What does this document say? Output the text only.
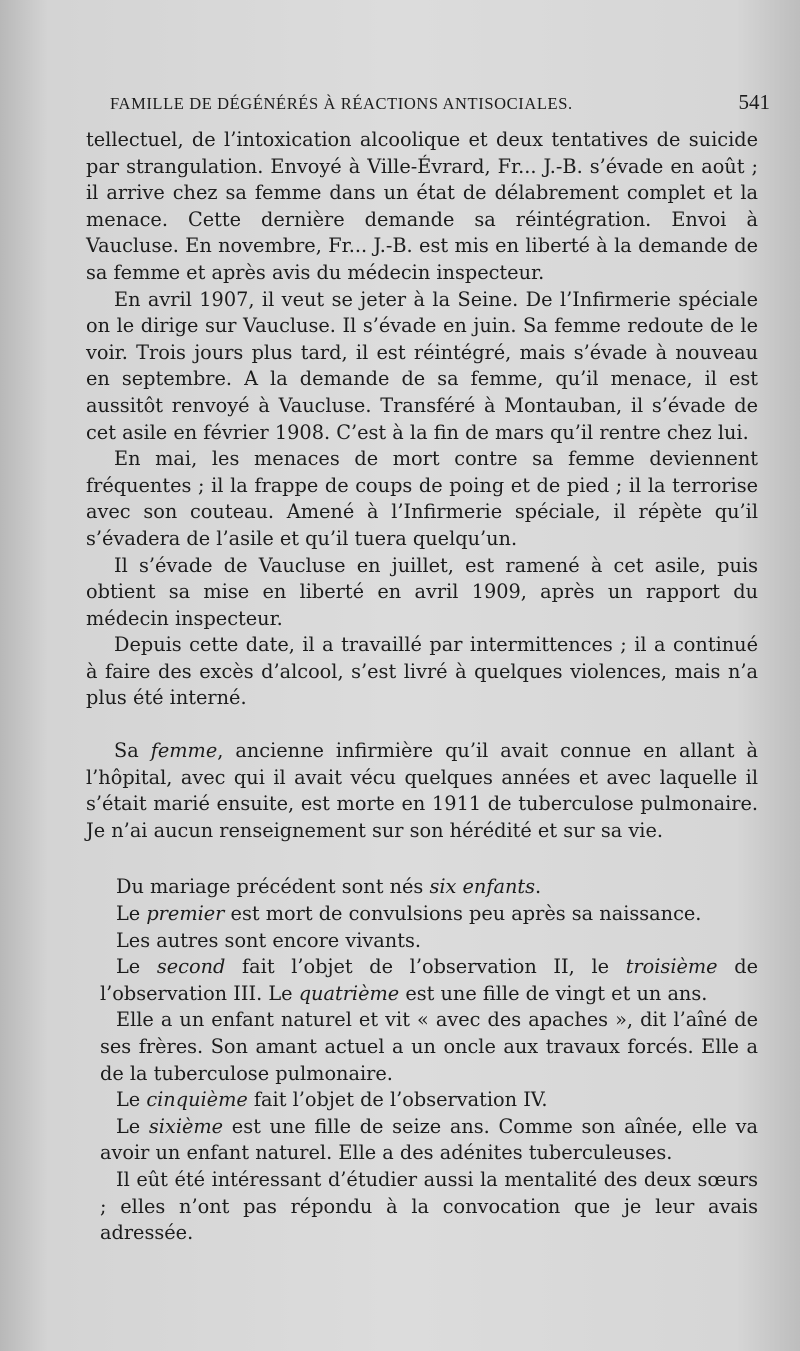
FAMILLE DE DÉGÉNÉRÉS À RÉACTIONS ANTISOCIALES.	541

tellectuel, de l’intoxication alcoolique et deux tentatives de suicide par strangulation. Envoyé à Ville-Évrard, Fr... J.-B. s’évade en août ; il arrive chez sa femme dans un état de délabrement complet et la menace. Cette dernière demande sa réintégration. Envoi à Vaucluse. En novembre, Fr... J.-B. est mis en liberté à la demande de sa femme et après avis du médecin inspecteur.

En avril 1907, il veut se jeter à la Seine. De l’Infirmerie spéciale on le dirige sur Vaucluse. Il s’évade en juin. Sa femme redoute de le voir. Trois jours plus tard, il est réintégré, mais s’évade à nouveau en septembre. A la demande de sa femme, qu’il menace, il est aussitôt renvoyé à Vaucluse. Transféré à Montauban, il s’évade de cet asile en février 1908. C’est à la fin de mars qu’il rentre chez lui.

En mai, les menaces de mort contre sa femme deviennent fréquentes ; il la frappe de coups de poing et de pied ; il la terrorise avec son couteau. Amené à l’Infirmerie spéciale, il répète qu’il s’évadera de l’asile et qu’il tuera quelqu’un.

Il s’évade de Vaucluse en juillet, est ramené à cet asile, puis obtient sa mise en liberté en avril 1909, après un rapport du médecin inspecteur.

Depuis cette date, il a travaillé par intermittences ; il a continué à faire des excès d’alcool, s’est livré à quelques violences, mais n’a plus été interné.

Sa femme, ancienne infirmière qu’il avait connue en allant à l’hôpital, avec qui il avait vécu quelques années et avec laquelle il s’était marié ensuite, est morte en 1911 de tuberculose pulmonaire. Je n’ai aucun renseignement sur son hérédité et sur sa vie.

Du mariage précédent sont nés six enfants.

Le premier est mort de convulsions peu après sa naissance.

Les autres sont encore vivants.

Le second fait l’objet de l’observation II, le troisième de l’observation III. Le quatrième est une fille de vingt et un ans.

Elle a un enfant naturel et vit « avec des apaches », dit l’aîné de ses frères. Son amant actuel a un oncle aux travaux forcés. Elle a de la tuberculose pulmonaire.

Le cinquième fait l’objet de l’observation IV.

Le sixième est une fille de seize ans. Comme son aînée, elle va avoir un enfant naturel. Elle a des adénites tuberculeuses.

Il eût été intéressant d’étudier aussi la mentalité des deux sœurs ; elles n’ont pas répondu à la convocation que je leur avais adressée.
